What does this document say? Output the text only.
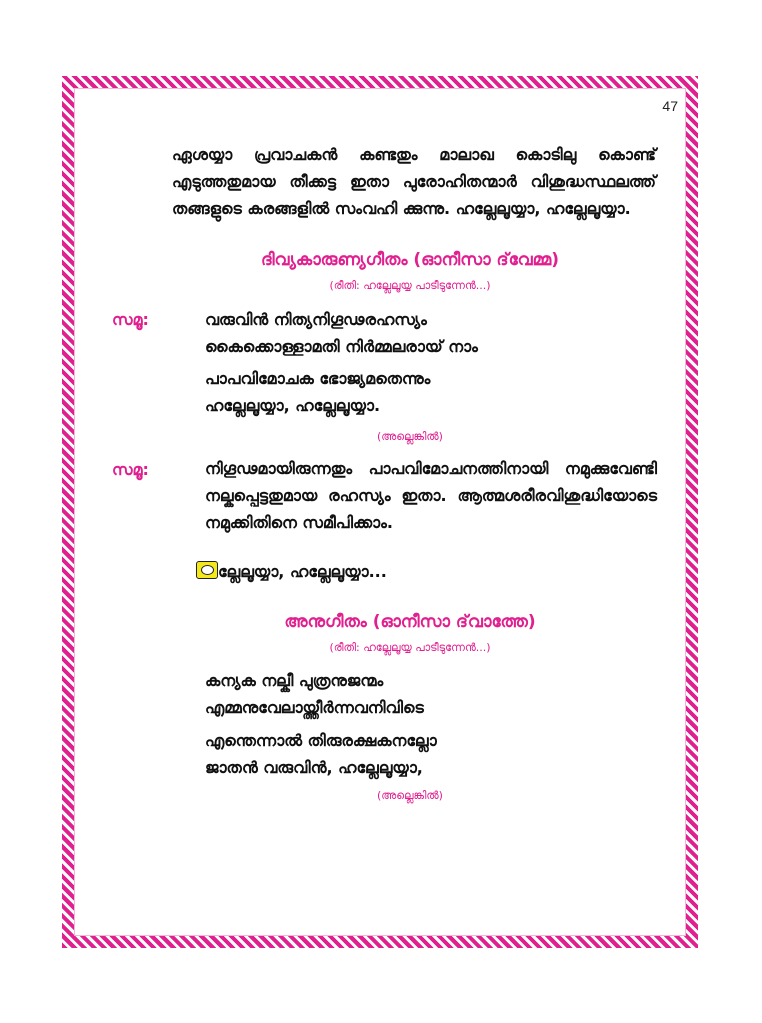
47
ഏശയ്യാ പ്രവാചകൻ കണ്ടതും മാലാഖ കൊടിലു കൊണ്ട് എടുത്തതുമായ തീക്കട്ട ഇതാ പുരോഹിതന്മാർ വിശുദ്ധസ്ഥലത്ത് തങ്ങളുടെ കരങ്ങളിൽ സംവഹി ക്കുന്നു. ഹല്ലേലൂയ്യാ, ഹല്ലേലൂയ്യാ.
ദിവ്യകാരുണ്യഗീതം (ഓനീസാ ദ്‌വേമ്മ)
(രീതി: ഹല്ലേലൂയ്യ പാടീടുന്നേൻ...)
സമൂ:	വരുവിൻ നിത്യനിഗൂഢരഹസ്യം
കൈക്കൊള്ളാമതി നിർമ്മലരായ് നാം
പാപവിമോചക ഭോജ്യമതെന്നും
ഹല്ലേലൂയ്യാ, ഹല്ലേലൂയ്യാ.
(അല്ലെങ്കിൽ)
സമൂ:	നിഗൂഢമായിരുന്നതും പാപവിമോചനത്തിനായി നമുക്കുവേണ്ടി നല്കപ്പെട്ടതുമായ രഹസ്യം ഇതാ. ആത്മശരീരവിശുദ്ധിയോടെ നമുക്കിതിനെ സമീപിക്കാം.
ല്ലേലൂയ്യാ, ഹല്ലേലൂയ്യാ...
അനുഗീതം (ഓനീസാ ദ്‌വാത്തേ)
(രീതി: ഹല്ലേലൂയ്യ പാടീടുന്നേൻ...)
കന്യക നല്കീ പുത്രനുജന്മം
എമ്മനുവേലായ്ത്തീർന്നവനിവിടെ
എന്തെന്നാൽ തിരുരക്ഷകനല്ലോ
ജാതൻ വരുവിൻ, ഹല്ലേലൂയ്യാ,
(അല്ലെങ്കിൽ)
